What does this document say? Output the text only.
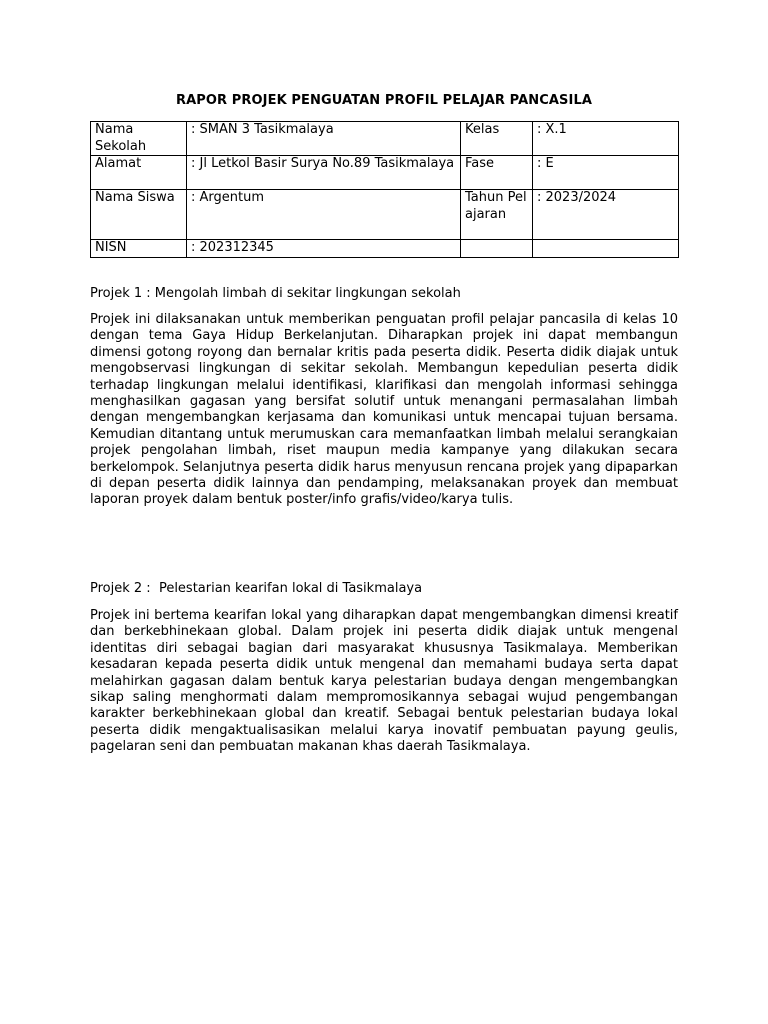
RAPOR PROJEK PENGUATAN PROFIL PELAJAR PANCASILA
Nama Sekolah	: SMAN 3 Tasikmalaya	Kelas	: X.1
Alamat	: Jl Letkol Basir Surya No.89 Tasikmalaya	Fase	: E
Nama Siswa	: Argentum	Tahun Pelajaran	: 2023/2024
NISN	: 202312345		
Projek 1 : Mengolah limbah di sekitar lingkungan sekolah
Projek ini dilaksanakan untuk memberikan penguatan profil pelajar pancasila di kelas 10 dengan tema Gaya Hidup Berkelanjutan. Diharapkan projek ini dapat membangun dimensi gotong royong dan bernalar kritis pada peserta didik. Peserta didik diajak untuk mengobservasi lingkungan di sekitar sekolah. Membangun kepedulian peserta didik terhadap lingkungan melalui identifikasi, klarifikasi dan mengolah informasi sehingga menghasilkan gagasan yang bersifat solutif untuk menangani permasalahan limbah dengan mengembangkan kerjasama dan komunikasi untuk mencapai tujuan bersama. Kemudian ditantang untuk merumuskan cara memanfaatkan limbah melalui serangkaian projek pengolahan limbah, riset maupun media kampanye yang dilakukan secara berkelompok. Selanjutnya peserta didik harus menyusun rencana projek yang dipaparkan di depan peserta didik lainnya dan pendamping, melaksanakan proyek dan membuat laporan proyek dalam bentuk poster/info grafis/video/karya tulis.
Projek 2 :  Pelestarian kearifan lokal di Tasikmalaya
Projek ini bertema kearifan lokal yang diharapkan dapat mengembangkan dimensi kreatif dan berkebhinekaan global. Dalam projek ini peserta didik diajak untuk mengenal identitas diri sebagai bagian dari masyarakat khususnya Tasikmalaya. Memberikan kesadaran kepada peserta didik untuk mengenal dan memahami budaya serta dapat melahirkan gagasan dalam bentuk karya pelestarian budaya dengan mengembangkan sikap saling menghormati dalam mempromosikannya sebagai wujud pengembangan karakter berkebhinekaan global dan kreatif. Sebagai bentuk pelestarian budaya lokal peserta didik mengaktualisasikan melalui karya inovatif pembuatan payung geulis, pagelaran seni dan pembuatan makanan khas daerah Tasikmalaya.
